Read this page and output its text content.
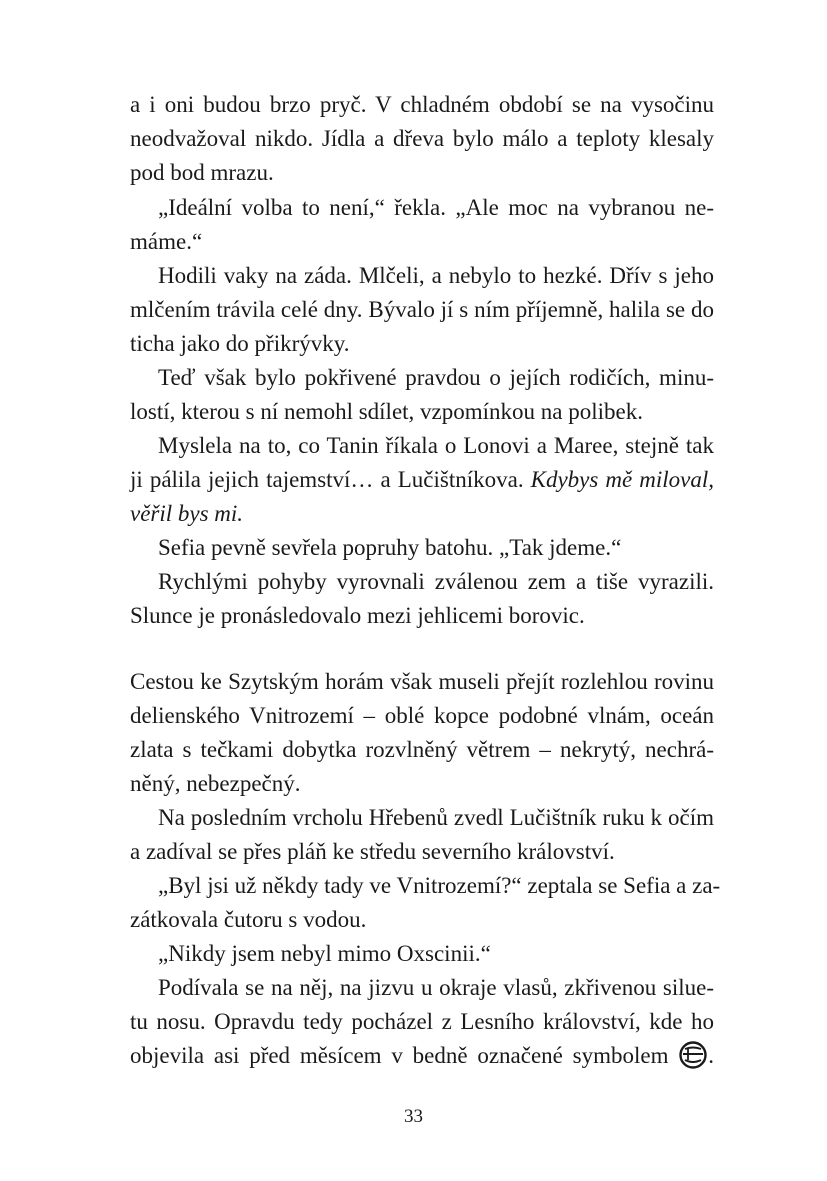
a i oni budou brzo pryč. V chladném období se na vysočinu
neodvažoval nikdo. Jídla a dřeva bylo málo a teploty klesaly
pod bod mrazu.
„Ideální volba to není,“ řekla. „Ale moc na vybranou ne-
máme.“
Hodili vaky na záda. Mlčeli, a nebylo to hezké. Dřív s jeho
mlčením trávila celé dny. Bývalo jí s ním příjemně, halila se do
ticha jako do přikrývky.
Teď však bylo pokřivené pravdou o jejích rodičích, minu-
lostí, kterou s ní nemohl sdílet, vzpomínkou na polibek.
Myslela na to, co Tanin říkala o Lonovi a Maree, stejně tak
ji pálila jejich tajemství… a Lučištníkova. Kdybys mě miloval,
věřil bys mi.
Sefia pevně sevřela popruhy batohu. „Tak jdeme.“
Rychlými pohyby vyrovnali zválenou zem a tiše vyrazili.
Slunce je pronásledovalo mezi jehlicemi borovic.
Cestou ke Szytským horám však museli přejít rozlehlou rovinu
delienského Vnitrozemí – oblé kopce podobné vlnám, oceán
zlata s tečkami dobytka rozvlněný větrem – nekrytý, nechrá-
něný, nebezpečný.
Na posledním vrcholu Hřebenů zvedl Lučištník ruku k očím
a zadíval se přes pláň ke středu severního království.
„Byl jsi už někdy tady ve Vnitrozemí?“ zeptala se Sefia a za-
zátkovala čutoru s vodou.
„Nikdy jsem nebyl mimo Oxscinii.“
Podívala se na něj, na jizvu u okraje vlasů, zkřivenou silue-
tu nosu. Opravdu tedy pocházel z Lesního království, kde ho
objevila asi před měsícem v bedně označené symbolem .
33
